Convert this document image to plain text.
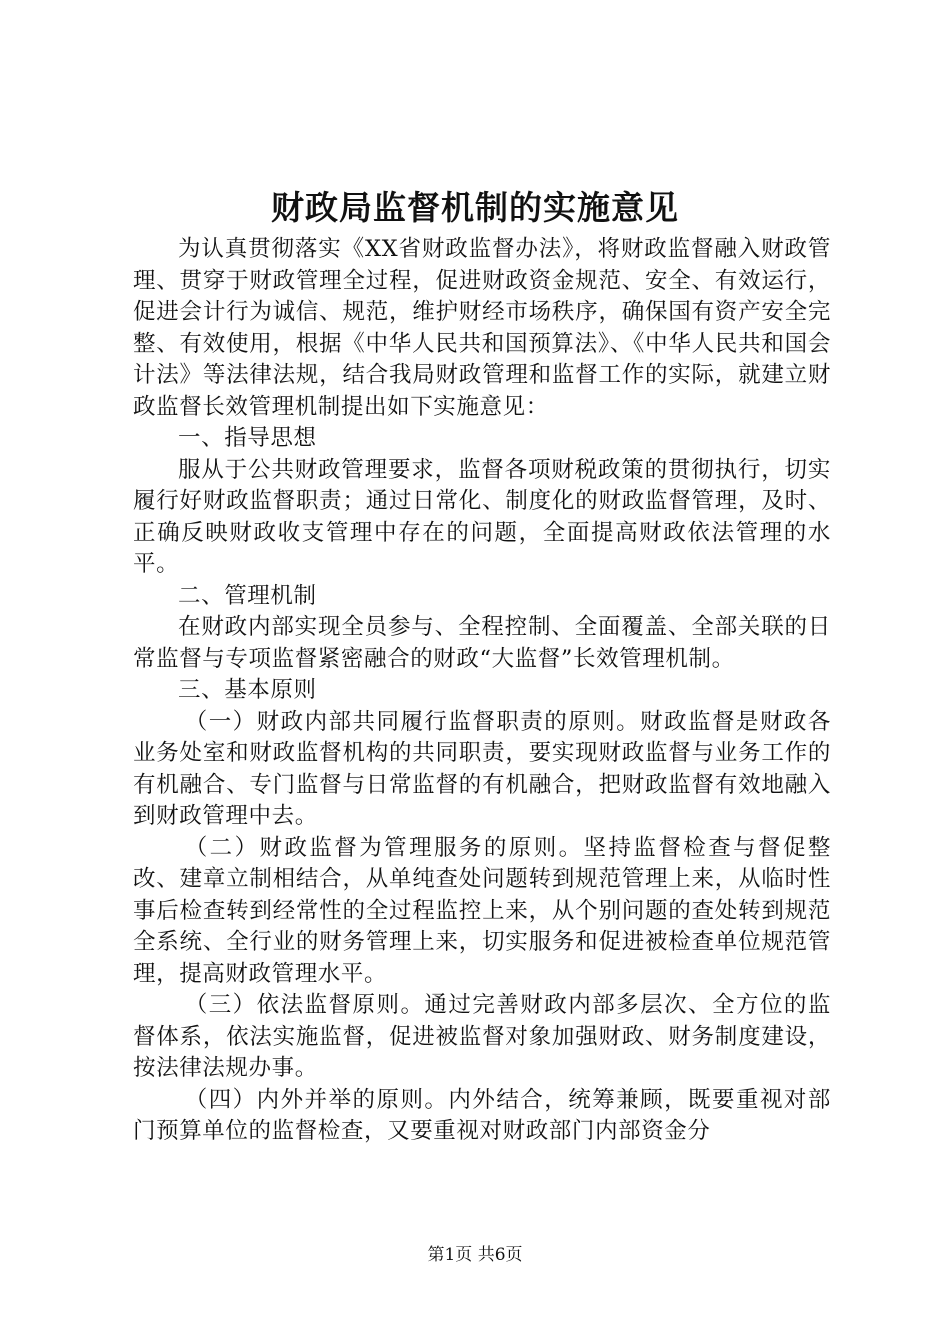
财政局监督机制的实施意见

为认真贯彻落实《XX省财政监督办法》，将财政监督融入财政管理、贯穿于财政管理全过程，促进财政资金规范、安全、有效运行，促进会计行为诚信、规范，维护财经市场秩序，确保国有资产安全完整、有效使用，根据《中华人民共和国预算法》、《中华人民共和国会计法》等法律法规，结合我局财政管理和监督工作的实际，就建立财政监督长效管理机制提出如下实施意见：

一、指导思想

服从于公共财政管理要求，监督各项财税政策的贯彻执行，切实履行好财政监督职责；通过日常化、制度化的财政监督管理，及时、正确反映财政收支管理中存在的问题，全面提高财政依法管理的水平。

二、管理机制

在财政内部实现全员参与、全程控制、全面覆盖、全部关联的日常监督与专项监督紧密融合的财政“大监督”长效管理机制。

三、基本原则

（一）财政内部共同履行监督职责的原则。财政监督是财政各业务处室和财政监督机构的共同职责，要实现财政监督与业务工作的有机融合、专门监督与日常监督的有机融合，把财政监督有效地融入到财政管理中去。

（二）财政监督为管理服务的原则。坚持监督检查与督促整改、建章立制相结合，从单纯查处问题转到规范管理上来，从临时性事后检查转到经常性的全过程监控上来，从个别问题的查处转到规范全系统、全行业的财务管理上来，切实服务和促进被检查单位规范管理，提高财政管理水平。

（三）依法监督原则。通过完善财政内部多层次、全方位的监督体系，依法实施监督，促进被监督对象加强财政、财务制度建设，按法律法规办事。

（四）内外并举的原则。内外结合，统筹兼顾，既要重视对部门预算单位的监督检查，又要重视对财政部门内部资金分

第1页 共6页
